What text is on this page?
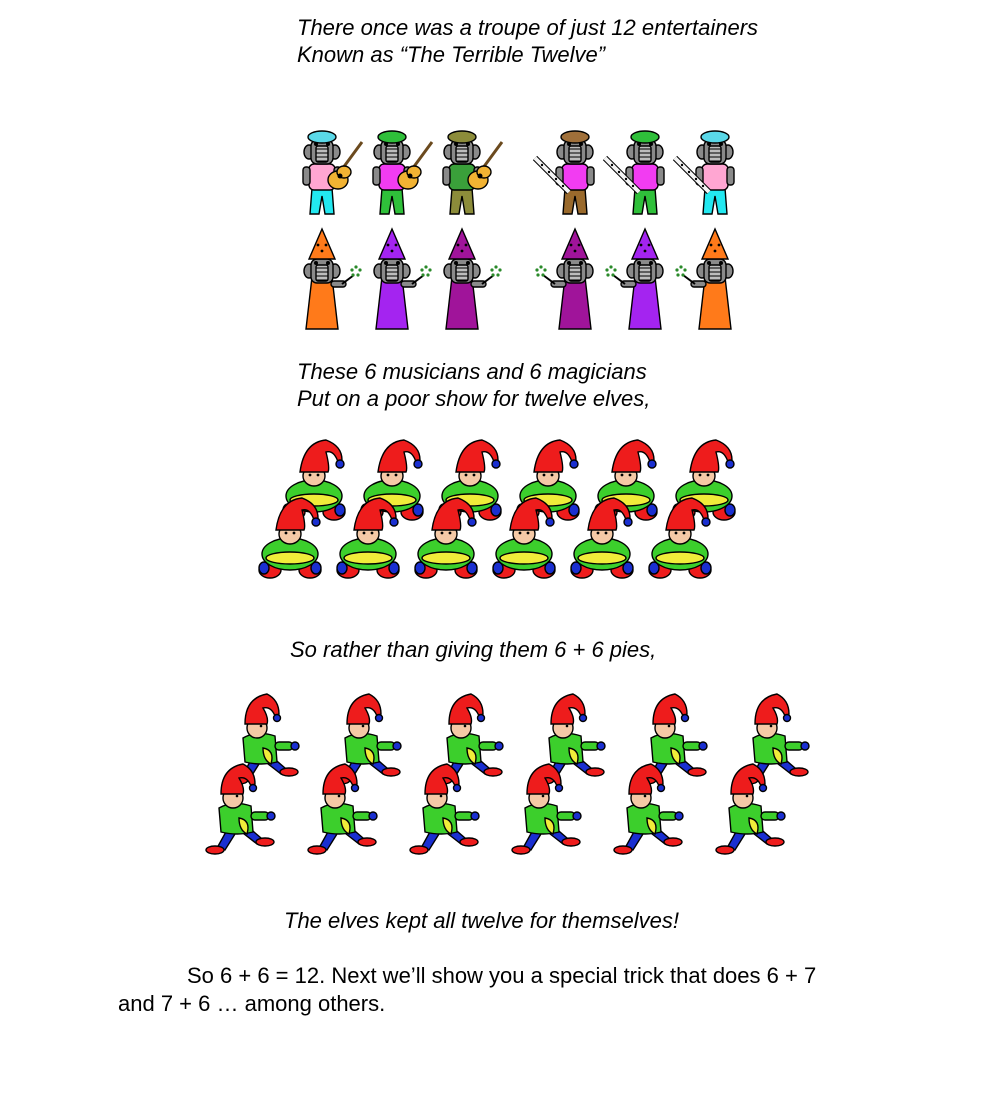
There once was a troupe of just 12 entertainers
Known as “The Terrible Twelve”
These 6 musicians and 6 magicians
Put on a poor show for twelve elves,
So rather than giving them 6 + 6 pies,
The elves kept all twelve for themselves!
So 6 + 6 = 12. Next we’ll show you a special trick that does 6 + 7
and 7 + 6 … among others.
